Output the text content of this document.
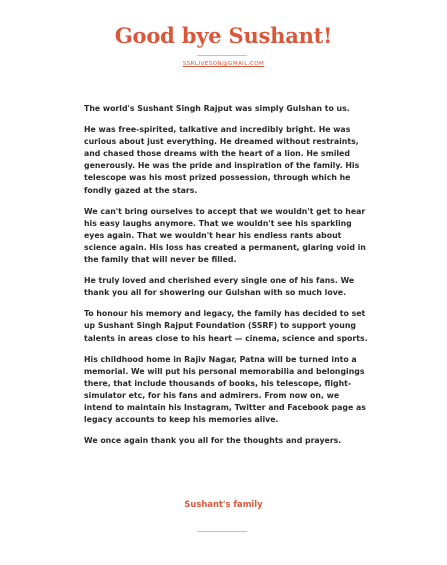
Good bye Sushant!
SSRLIVESON@GMAIL.COM

The world's Sushant Singh Rajput was simply Gulshan to us.

He was free-spirited, talkative and incredibly bright. He was curious about just everything. He dreamed without restraints, and chased those dreams with the heart of a lion. He smiled generously. He was the pride and inspiration of the family. His telescope was his most prized possession, through which he fondly gazed at the stars.

We can't bring ourselves to accept that we wouldn't get to hear his easy laughs anymore. That we wouldn't see his sparkling eyes again. That we wouldn't hear his endless rants about science again. His loss has created a permanent, glaring void in the family that will never be filled.

He truly loved and cherished every single one of his fans. We thank you all for showering our Gulshan with so much love.

To honour his memory and legacy, the family has decided to set up Sushant Singh Rajput Foundation (SSRF) to support young talents in areas close to his heart — cinema, science and sports.

His childhood home in Rajiv Nagar, Patna will be turned into a memorial. We will put his personal memorabilia and belongings there, that include thousands of books, his telescope, flight-simulator etc, for his fans and admirers. From now on, we intend to maintain his Instagram, Twitter and Facebook page as legacy accounts to keep his memories alive.

We once again thank you all for the thoughts and prayers.

Sushant's family
